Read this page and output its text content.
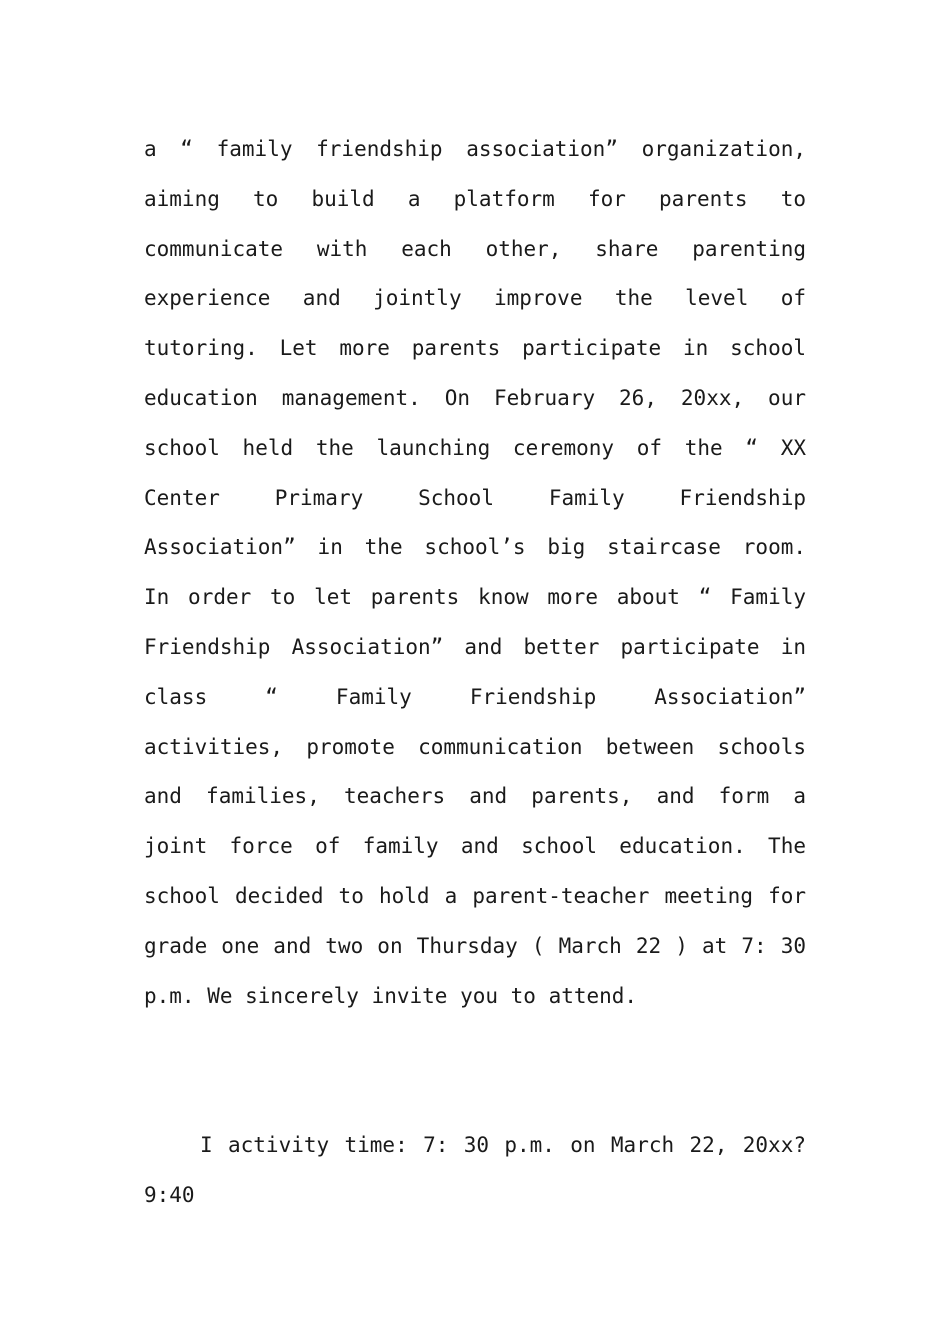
a “ family friendship association” organization,
aiming to build a platform for parents to
communicate with each other, share parenting
experience and jointly improve the level of
tutoring. Let more parents participate in school
education management. On February 26, 20xx, our
school held the launching ceremony of the “ XX
Center Primary School Family Friendship
Association” in the school’s big staircase room.
In order to let parents know more about “ Family
Friendship Association” and better participate in
class “ Family Friendship Association”
activities, promote communication between schools
and families, teachers and parents, and form a
joint force of family and school education. The
school decided to hold a parent-teacher meeting for
grade one and two on Thursday ( March 22 ) at 7: 30
p.m. We sincerely invite you to attend.
I activity time: 7: 30 p.m. on March 22, 20xx?
9:40
